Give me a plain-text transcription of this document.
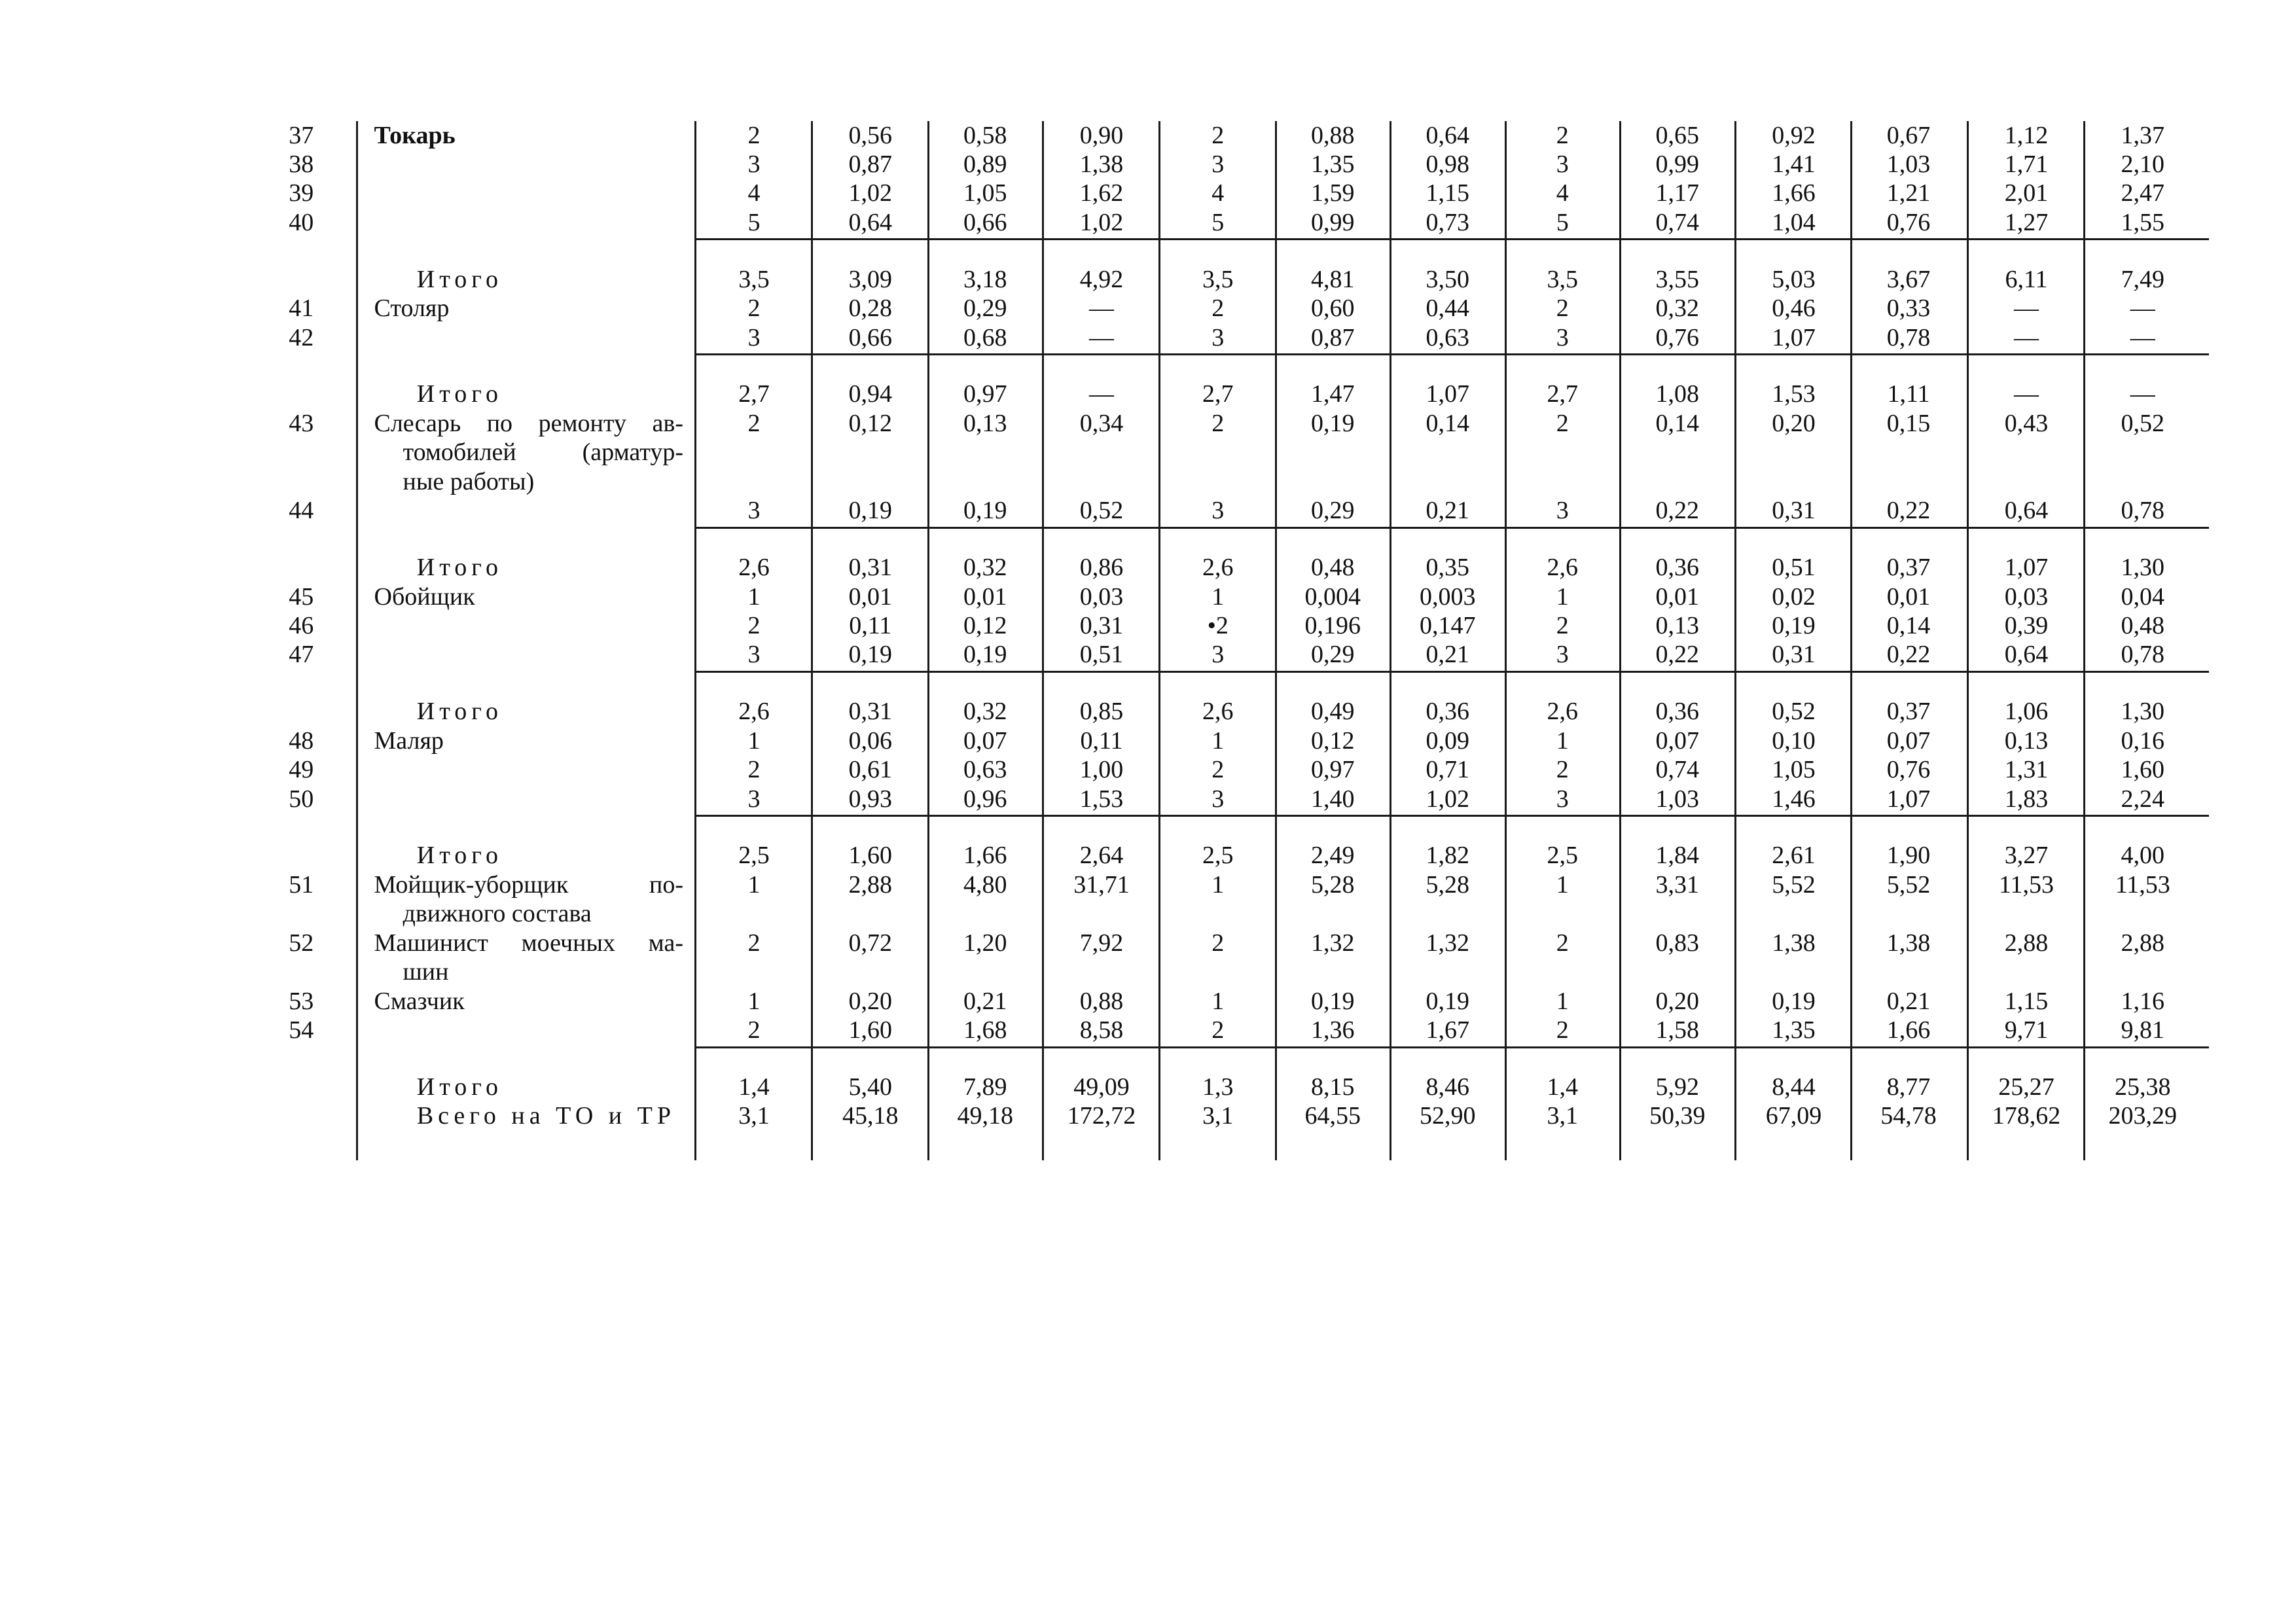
37 Токарь	2	0,56	0,58	0,90	2	0,88	0,64	2	0,65	0,92	0,67	1,12	1,37
38	3	0,87	0,89	1,38	3	1,35	0,98	3	0,99	1,41	1,03	1,71	2,10
39	4	1,02	1,05	1,62	4	1,59	1,15	4	1,17	1,66	1,21	2,01	2,47
40	5	0,64	0,66	1,02	5	0,99	0,73	5	0,74	1,04	0,76	1,27	1,55
Итого	3,5	3,09	3,18	4,92	3,5	4,81	3,50	3,5	3,55	5,03	3,67	6,11	7,49
41 Столяр	2	0,28	0,29	—	2	0,60	0,44	2	0,32	0,46	0,33	—	—
42	3	0,66	0,68	—	3	0,87	0,63	3	0,76	1,07	0,78	—	—
Итого	2,7	0,94	0,97	—	2,7	1,47	1,07	2,7	1,08	1,53	1,11	—	—
43 Слесарь по ремонту ав-
томобилей (арматур-
ные работы)
2	0,12	0,13	0,34	2	0,19	0,14	2	0,14	0,20	0,15	0,43	0,52
44	3	0,19	0,19	0,52	3	0,29	0,21	3	0,22	0,31	0,22	0,64	0,78
Итого	2,6	0,31	0,32	0,86	2,6	0,48	0,35	2,6	0,36	0,51	0,37	1,07	1,30
45 Обойщик	1	0,01	0,01	0,03	1	0,004	0,003	1	0,01	0,02	0,01	0,03	0,04
46	2	0,11	0,12	0,31	•2	0,196	0,147	2	0,13	0,19	0,14	0,39	0,48
47	3	0,19	0,19	0,51	3	0,29	0,21	3	0,22	0,31	0,22	0,64	0,78
Итого	2,6	0,31	0,32	0,85	2,6	0,49	0,36	2,6	0,36	0,52	0,37	1,06	1,30
48 Маляр	1	0,06	0,07	0,11	1	0,12	0,09	1	0,07	0,10	0,07	0,13	0,16
49	2	0,61	0,63	1,00	2	0,97	0,71	2	0,74	1,05	0,76	1,31	1,60
50	3	0,93	0,96	1,53	3	1,40	1,02	3	1,03	1,46	1,07	1,83	2,24
Итого	2,5	1,60	1,66	2,64	2,5	2,49	1,82	2,5	1,84	2,61	1,90	3,27	4,00
51 Мойщик-уборщик по-
движного состава
1	2,88	4,80	31,71	1	5,28	5,28	1	3,31	5,52	5,52	11,53	11,53
52 Машинист моечных ма-
шин
2	0,72	1,20	7,92	2	1,32	1,32	2	0,83	1,38	1,38	2,88	2,88
53 Смазчик	1	0,20	0,21	0,88	1	0,19	0,19	1	0,20	0,19	0,21	1,15	1,16
54	2	1,60	1,68	8,58	2	1,36	1,67	2	1,58	1,35	1,66	9,71	9,81
Итого	1,4	5,40	7,89	49,09	1,3	8,15	8,46	1,4	5,92	8,44	8,77	25,27	25,38
Всего на ТО и ТР	3,1	45,18	49,18	172,72	3,1	64,55	52,90	3,1	50,39	67,09	54,78	178,62	203,29
